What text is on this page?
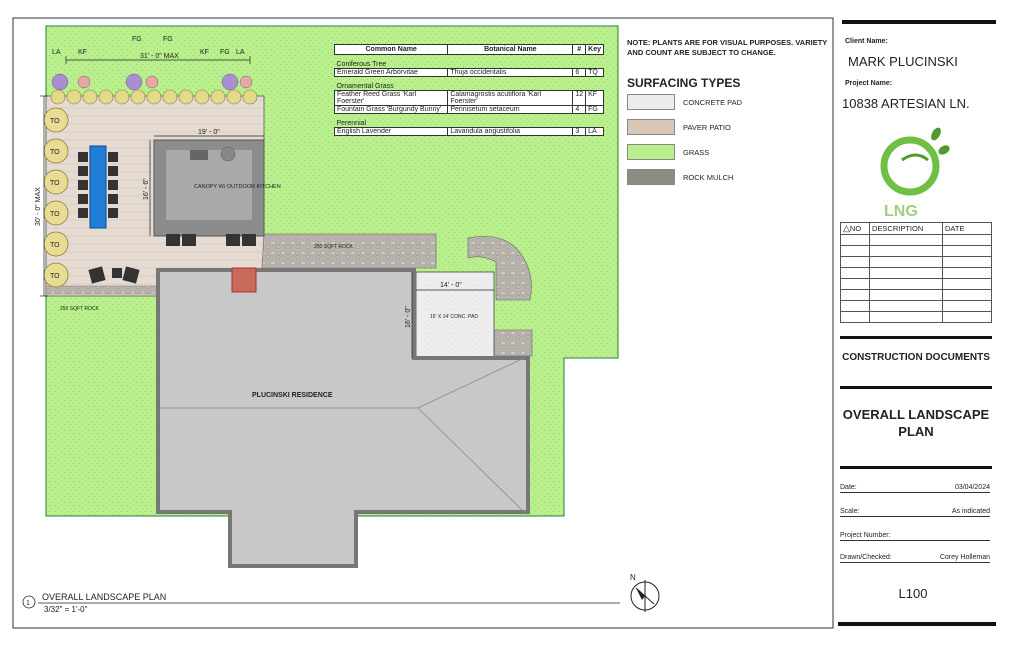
LA KF
FG	FG
KF FG LA
TO
TO
TO
TO
TO
TO
31' - 0" MAX
30' - 0" MAX
19' - 0"
16' - 6"
14' - 0"
16' - 0"
CANOPY W/ OUTDOOR KITCHEN
250 SQFT ROCK
250 SQFT ROCK
16' X 14' CONC. PAD
PLUCINSKI RESIDENCE
1
OVERALL LANDSCAPE PLAN
3/32" = 1'-0"
N
LNG
Common Name	Botanical Name	#	Key
Coniferous Tree			
Emerald Green Arborvitae	Thuja occidentalis	6	TQ
Ornamental Grass			
Feather Reed Grass 'Karl Foerster'	Calamagrostis acutiflora 'Karl Foerster'	12	KF
Fountain Grass 'Burgundy Bunny'	Pennisetum setaceum	4	FG
Perennial			
English Lavender	Lavandula angustifolia	3	LA
NOTE: PLANTS ARE FOR VISUAL PURPOSES. VARIETY AND COUNT ARE SUBJECT TO CHANGE.
SURFACING TYPES
CONCRETE PAD
PAVER PATIO
GRASS
ROCK MULCH
Client Name:
MARK PLUCINSKI
Project Name:
10838 ARTESIAN LN.
△NO	DESCRIPTION	DATE

CONSTRUCTION DOCUMENTS
OVERALL LANDSCAPE PLAN
Date:	03/04/2024
Scale:	As indicated
Project Number:
Drawn/Checked:	Corey Holleman
L100
